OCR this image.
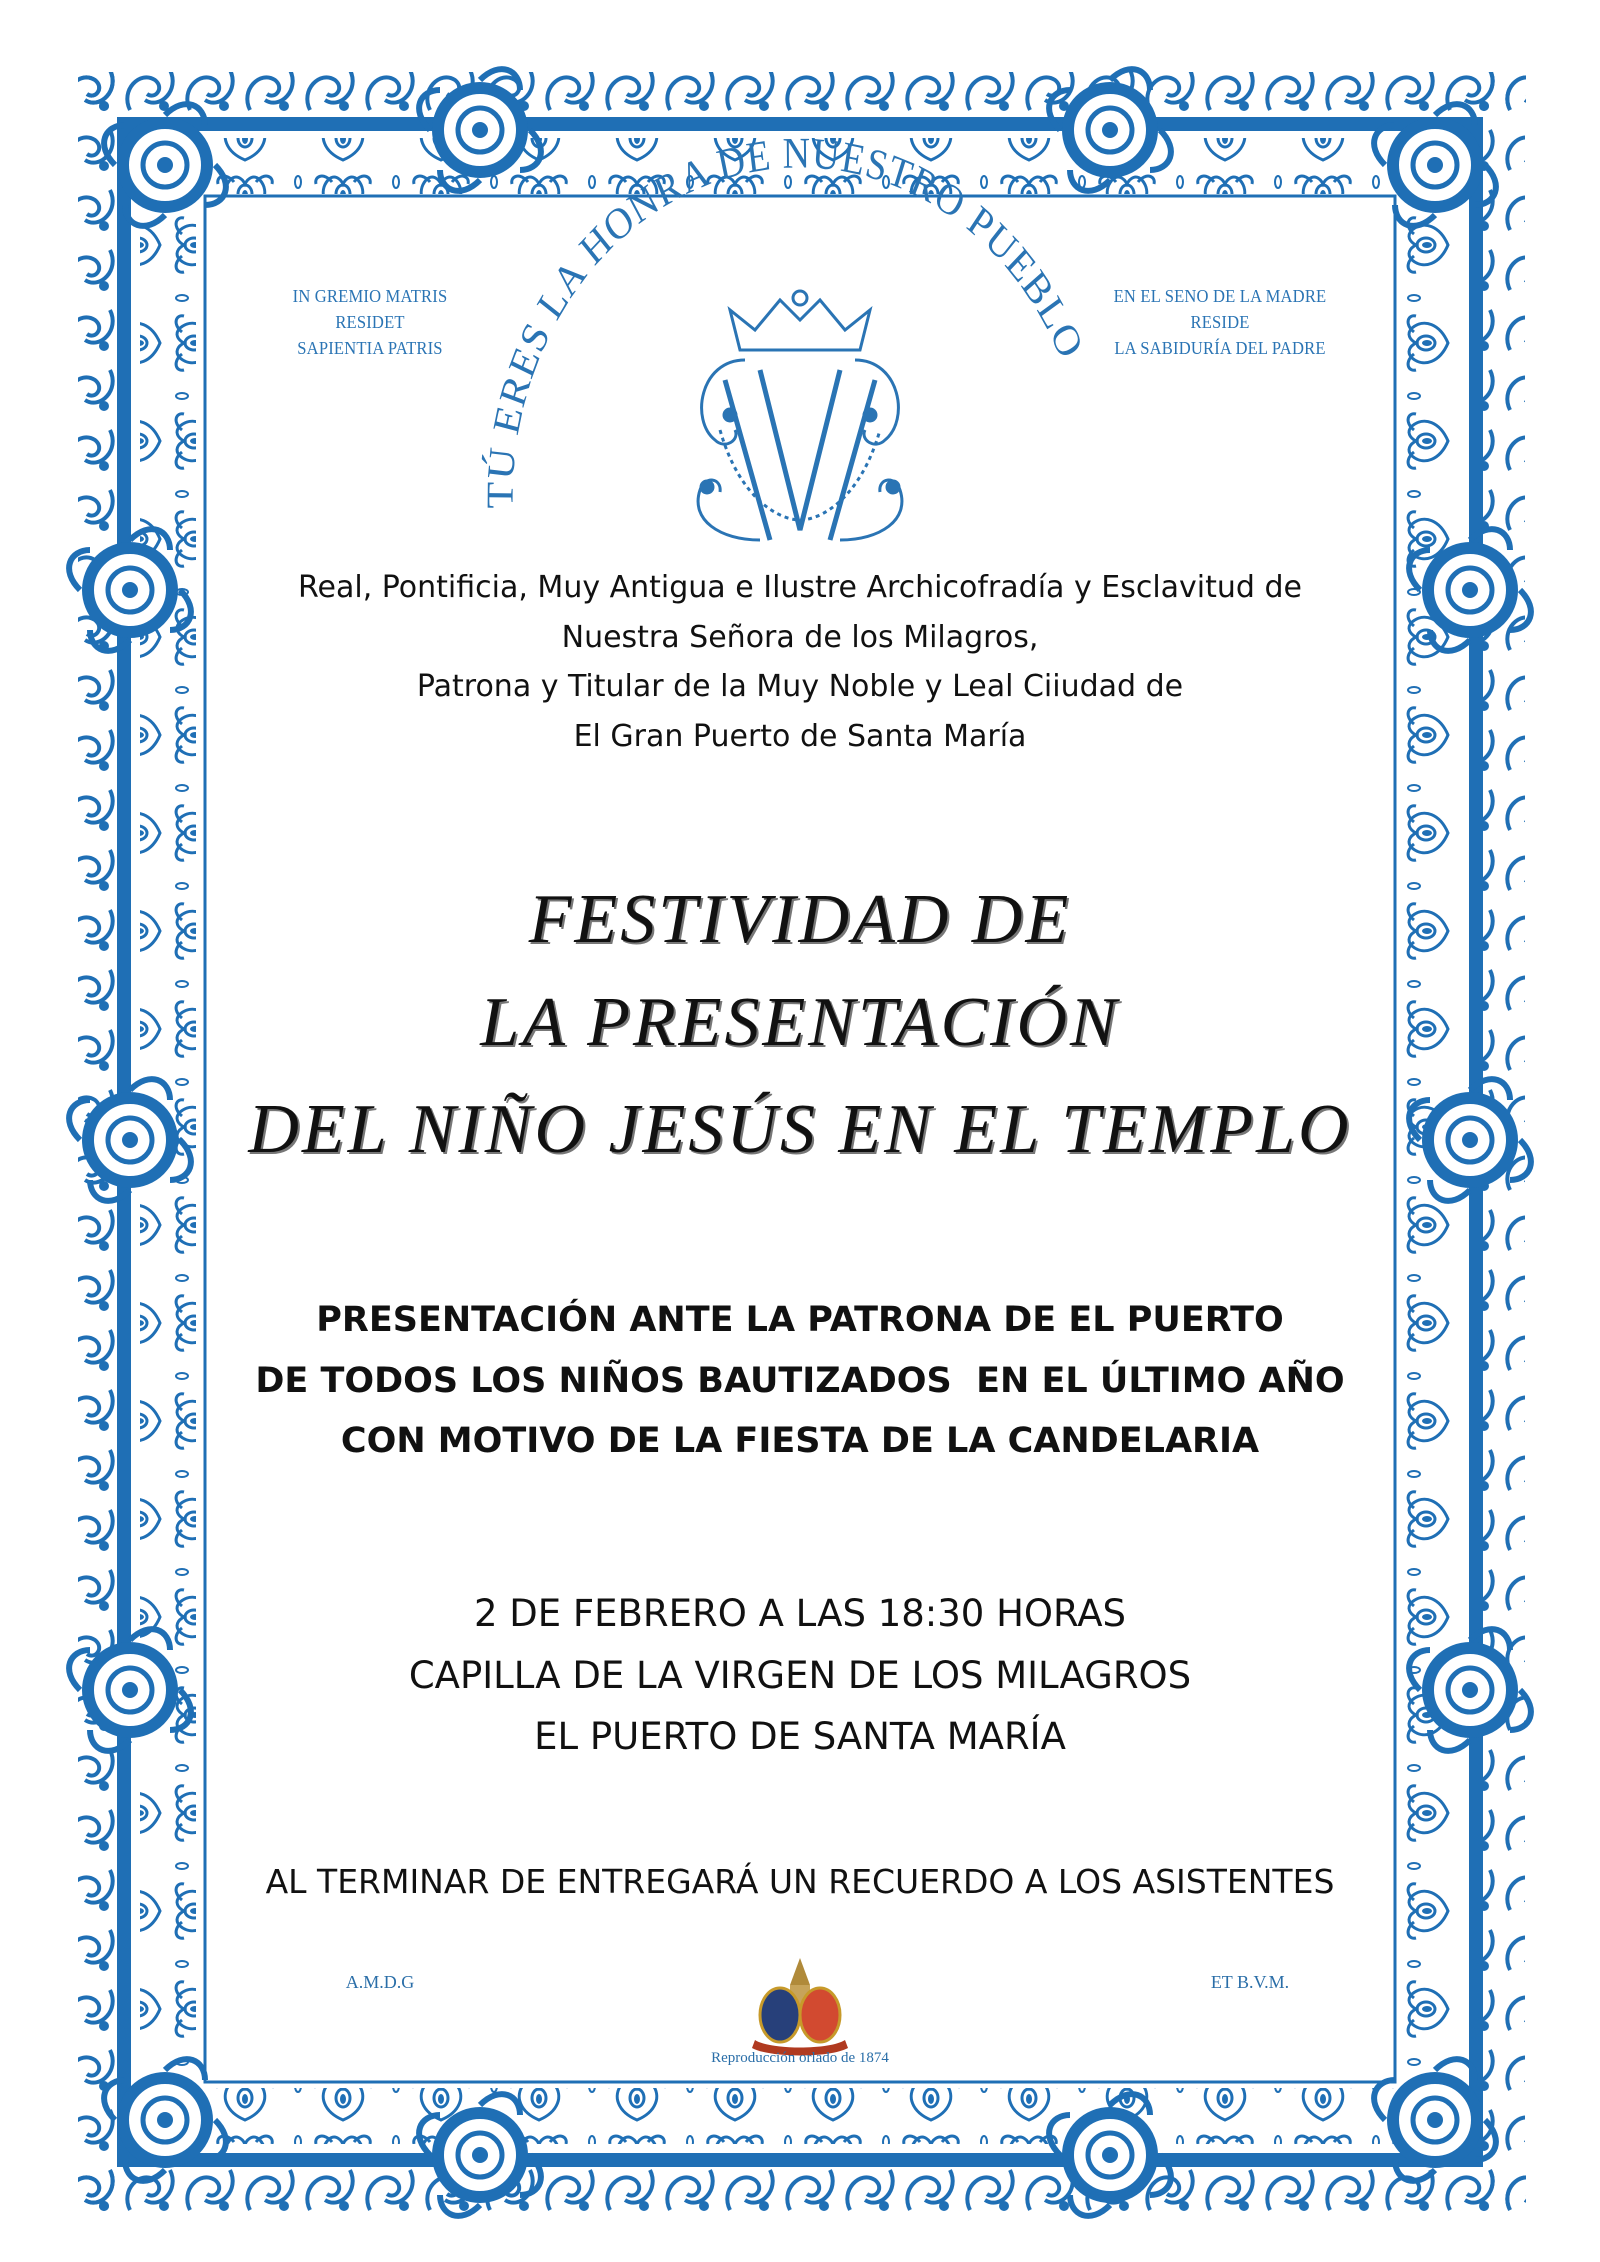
TÚ ERES LA HONRA DE NUESTRO PUEBLO
IN GREMIO MATRIS
RESIDET
SAPIENTIA PATRIS
EN EL SENO DE LA MADRE
RESIDE
LA SABIDURÍA DEL PADRE
Real, Pontificia, Muy Antigua e Ilustre Archicofradía y Esclavitud de
Nuestra Señora de los Milagros,
Patrona y Titular de la Muy Noble y Leal Ciiudad de
El Gran Puerto de Santa María
FESTIVIDAD DE
LA PRESENTACIÓN
DEL NIÑO JESÚS EN EL TEMPLO
PRESENTACIÓN ANTE LA PATRONA DE EL PUERTO
DE TODOS LOS NIÑOS BAUTIZADOS  EN EL ÚLTIMO AÑO
CON MOTIVO DE LA FIESTA DE LA CANDELARIA
2 DE FEBRERO A LAS 18:30 HORAS
CAPILLA DE LA VIRGEN DE LOS MILAGROS
EL PUERTO DE SANTA MARÍA
AL TERMINAR DE ENTREGARÁ UN RECUERDO A LOS ASISTENTES
A.M.D.G	ET B.V.M.
Reproducción orlado de 1874
